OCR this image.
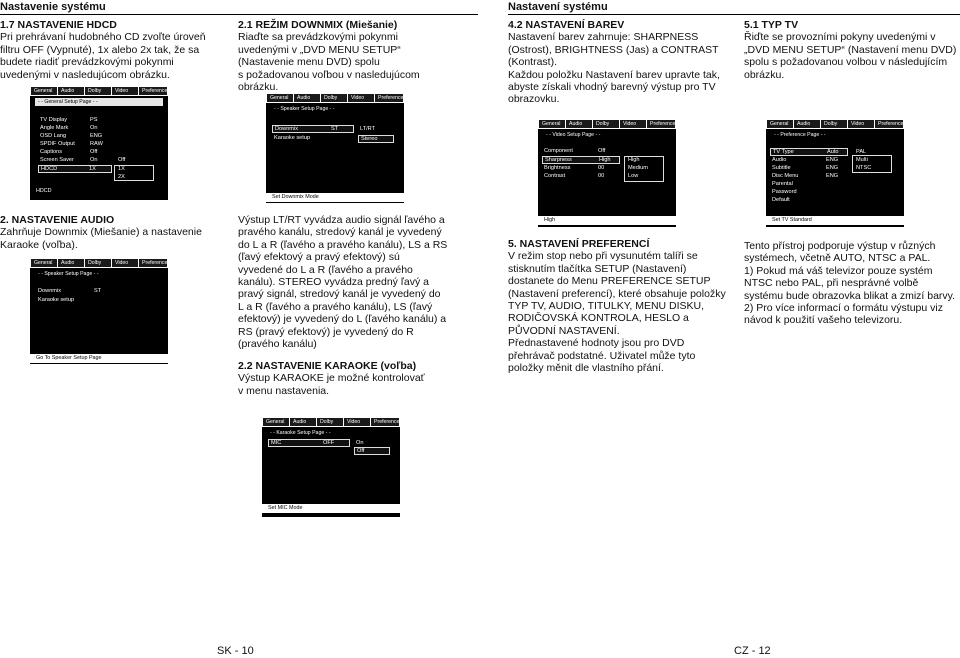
Nastavenie systému	Nastavení systému
1.7 NASTAVENIE HDCD
Pri prehrávaní hudobného CD zvoľte úroveň
filtru OFF (Vypnuté), 1x alebo 2x tak, že sa
budete riadiť prevádzkovými pokynmi
uvedenými v nasledujúcom obrázku.
2.1 REŽIM DOWNMIX (Miešanie)
Riaďte sa prevádzkovými pokynmi
uvedenými v „DVD MENU SETUP“
(Nastavenie menu DVD) spolu
s požadovanou voľbou v nasledujúcom
obrázku.
2. NASTAVENIE AUDIO
Zahrňuje Downmix (Miešanie) a nastavenie
Karaoke (voľba).
Výstup LT/RT vyvádza audio signál ľavého a
pravého kanálu, stredový kanál je vyvedený
do L a R (ľavého a pravého kanálu), LS a RS
(ľavý efektový a pravý efektový) sú
vyvedené do L a R (ľavého a pravého
kanálu). STEREO vyvádza predný ľavý a
pravý signál, stredový kanál je vyvedený do
L a R (ľavého a pravého kanálu), LS (ľavý
efektový) je vyvedený do L (ľavého kanálu) a
RS (pravý efektový) je vyvedený do R
(pravého kanálu)
2.2 NASTAVENIE KARAOKE (voľba)
Výstup KARAOKE je možné kontrolovať
v menu nastavenia.
4.2 NASTAVENÍ BAREV
Nastavení barev zahrnuje: SHARPNESS
(Ostrost), BRIGHTNESS (Jas) a CONTRAST
(Kontrast).
Každou položku Nastavení barev upravte tak,
abyste získali vhodný barevný výstup pro TV
obrazovku.
5.1 TYP TV
Řiďte se provozními pokyny uvedenými v
„DVD MENU SETUP“ (Nastavení menu DVD)
spolu s požadovanou volbou v následujícím
obrázku.
5. NASTAVENÍ PREFERENCÍ
V režim stop nebo při vysunutém talíři se
stisknutím tlačítka SETUP (Nastavení)
dostanete do Menu PREFERENCE SETUP
(Nastavení preferencí), které obsahuje položky
TYP TV, AUDIO, TITULKY, MENU DISKU,
RODIČOVSKÁ KONTROLA, HESLO a
PŮVODNÍ NASTAVENÍ.
Přednastavené hodnoty jsou pro DVD
přehrávač podstatné. Uživatel může tyto
položky měnit dle vlastního přání.
Tento přístroj podporuje výstup v různých
systémech, včetně AUTO, NTSC a PAL.
1) Pokud má váš televizor pouze systém
NTSC nebo PAL, při nesprávné volbě
systému bude obrazovka blikat a zmizí barvy.
2) Pro více informací o formátu výstupu viz
návod k použití vašeho televizoru.
General	Audio	Dolby	Video	Preference
- - General Setup Page - -
TV Display	PS
Angle Mark	On
OSD Lang	ENG
SPDIF Output	RAW
Captions	Off
Screen Saver	On	Off
HDCD	1X	1X
2X
HDCD
General	Audio	Dolby	Video	Preference
- - Speaker Setup Page - -
Downmix	ST
Karaoke setup
LT/RT
Stereo
Set Downmix Mode
General	Audio	Dolby	Video	Preference
- - Speaker Setup Page - -
Downmix	ST
Karaoke setup
Go To Speaker Setup Page
General	Audio	Dolby	Video	Preference
- - Karaoke Setup Page - -
MIC	OFF	On
Off
Set MIC Mode
General	Audio	Dolby	Video	Preference
- - Video Setup Page - -
Component	Off
Sharpness	High	High
Brightness	00	Medium
Contrast	00	Low
High
General	Audio	Dolby	Video	Preference
- - Preference Page - -
TV Type	Auto	PAL
Audio	ENG	Multi
Subtitle	ENG	NTSC
Disc Menu	ENG
Parental
Password
Default
Set TV Standard
SK - 10	CZ - 12
